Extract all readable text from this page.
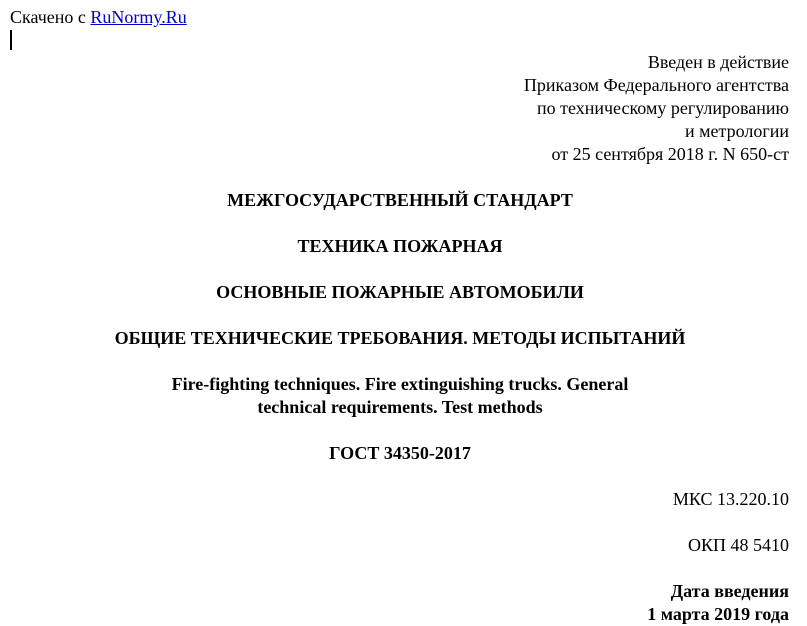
Скачено с RuNormy.Ru
Введен в действие
Приказом Федерального агентства
по техническому регулированию
и метрологии
от 25 сентября 2018 г. N 650-ст
МЕЖГОСУДАРСТВЕННЫЙ СТАНДАРТ
ТЕХНИКА ПОЖАРНАЯ
ОСНОВНЫЕ ПОЖАРНЫЕ АВТОМОБИЛИ
ОБЩИЕ ТЕХНИЧЕСКИЕ ТРЕБОВАНИЯ. МЕТОДЫ ИСПЫТАНИЙ
Fire-fighting techniques. Fire extinguishing trucks. General
technical requirements. Test methods
ГОСТ 34350-2017
МКС 13.220.10
ОКП 48 5410
Дата введения
1 марта 2019 года
